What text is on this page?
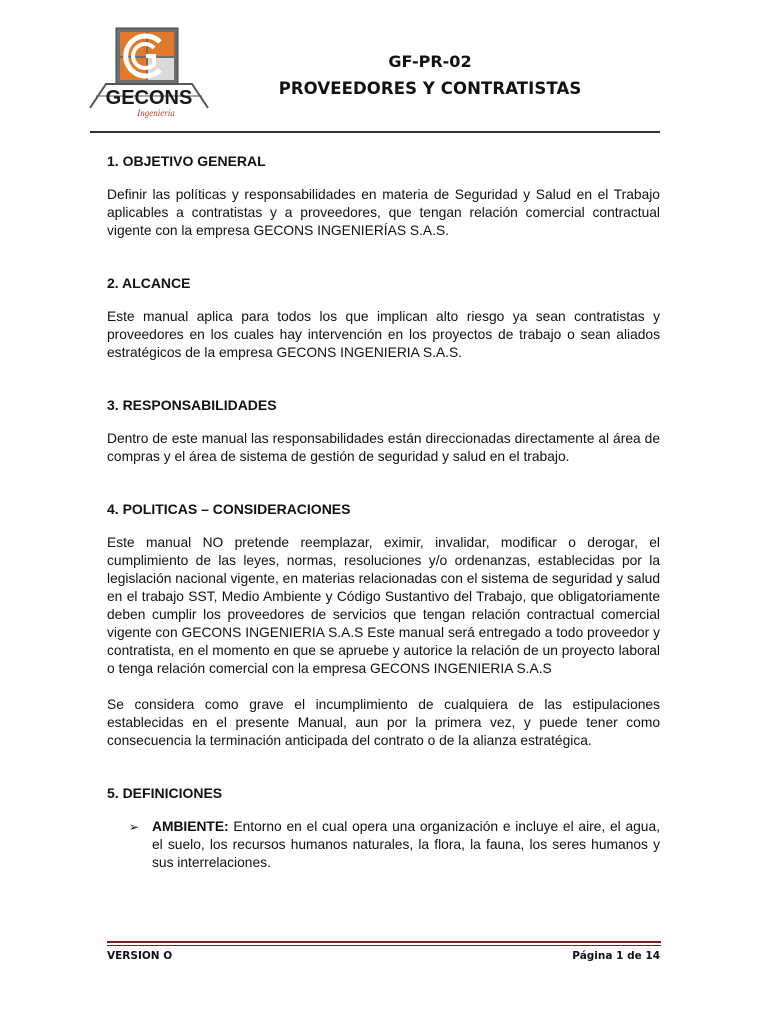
GECONS
Ingeniería
GF-PR-02
PROVEEDORES Y CONTRATISTAS
1. OBJETIVO GENERAL

Definir las políticas y responsabilidades en materia de Seguridad y Salud en el Trabajo aplicables a contratistas y a proveedores, que tengan relación comercial contractual vigente con la empresa GECONS INGENIERÍAS S.A.S.

2. ALCANCE

Este manual aplica para todos los que implican alto riesgo ya sean contratistas y proveedores en los cuales hay intervención en los proyectos de trabajo o sean aliados estratégicos de la empresa GECONS INGENIERIA S.A.S.

3. RESPONSABILIDADES

Dentro de este manual las responsabilidades están direccionadas directamente al área de compras y el área de sistema de gestión de seguridad y salud en el trabajo.

4. POLITICAS – CONSIDERACIONES

Este manual NO pretende reemplazar, eximir, invalidar, modificar o derogar, el cumplimiento de las leyes, normas, resoluciones y/o ordenanzas, establecidas por la legislación nacional vigente, en materias relacionadas con el sistema de seguridad y salud en el trabajo SST, Medio Ambiente y Código Sustantivo del Trabajo, que obligatoriamente deben cumplir los proveedores de servicios que tengan relación contractual comercial vigente con GECONS INGENIERIA S.A.S Este manual será entregado a todo proveedor y contratista, en el momento en que se apruebe y autorice la relación de un proyecto laboral o tenga relación comercial con la empresa GECONS INGENIERIA S.A.S

Se considera como grave el incumplimiento de cualquiera de las estipulaciones establecidas en el presente Manual, aun por la primera vez, y puede tener como consecuencia la terminación anticipada del contrato o de la alianza estratégica.

5. DEFINICIONES
➢ AMBIENTE: Entorno en el cual opera una organización e incluye el aire, el agua, el suelo, los recursos humanos naturales, la flora, la fauna, los seres humanos y sus interrelaciones.
VERSION O	Página 1 de 14
